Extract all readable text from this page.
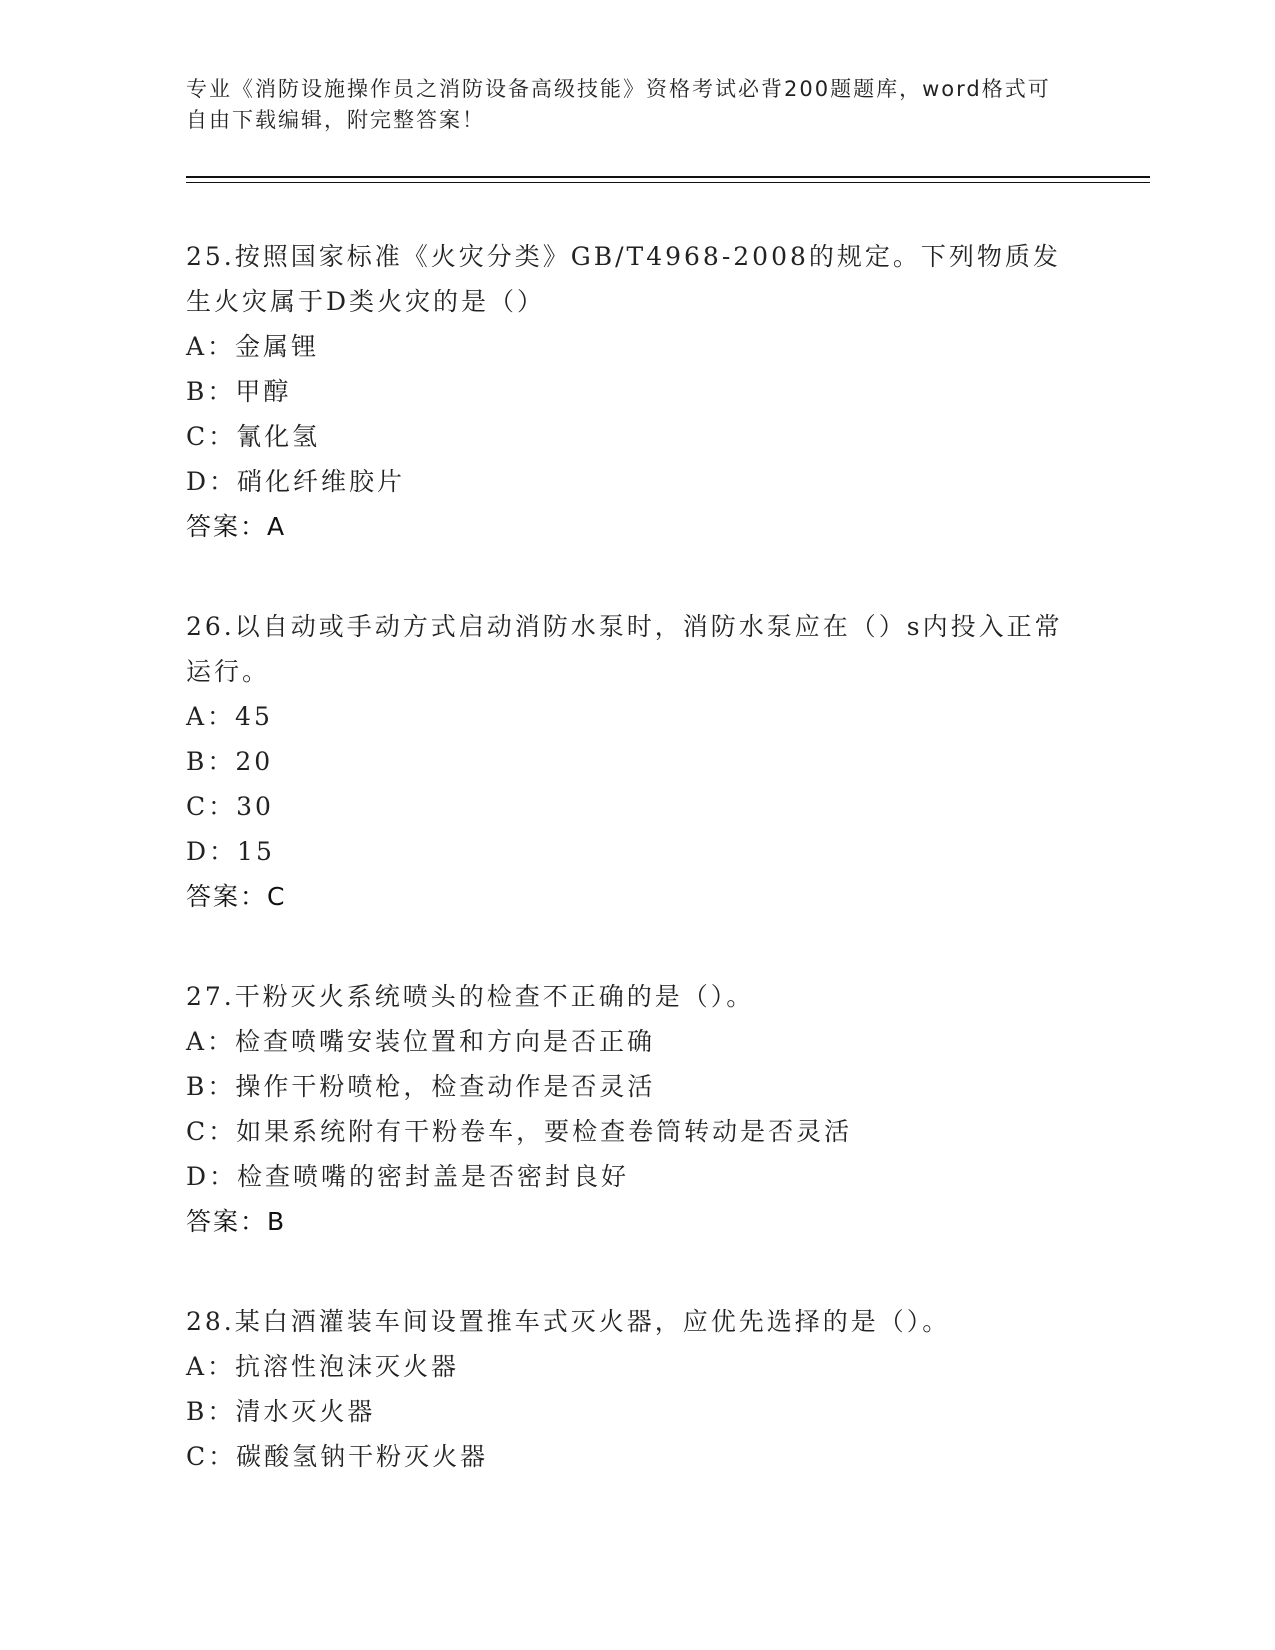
专业《消防设施操作员之消防设备高级技能》资格考试必背200题题库，word格式可自由下载编辑，附完整答案！

25.按照国家标准《火灾分类》GB/T4968-2008的规定。下列物质发生火灾属于D类火灾的是（）

A：金属锂

B：甲醇

C：氰化氢

D：硝化纤维胶片

答案：A

26.以自动或手动方式启动消防水泵时，消防水泵应在（）s内投入正常运行。

A：45

B：20

C：30

D：15

答案：C

27.干粉灭火系统喷头的检查不正确的是（）。

A：检查喷嘴安装位置和方向是否正确

B：操作干粉喷枪，检查动作是否灵活

C：如果系统附有干粉卷车，要检查卷筒转动是否灵活

D：检查喷嘴的密封盖是否密封良好

答案：B

28.某白酒灌装车间设置推车式灭火器，应优先选择的是（）。

A：抗溶性泡沫灭火器

B：清水灭火器

C：碳酸氢钠干粉灭火器
